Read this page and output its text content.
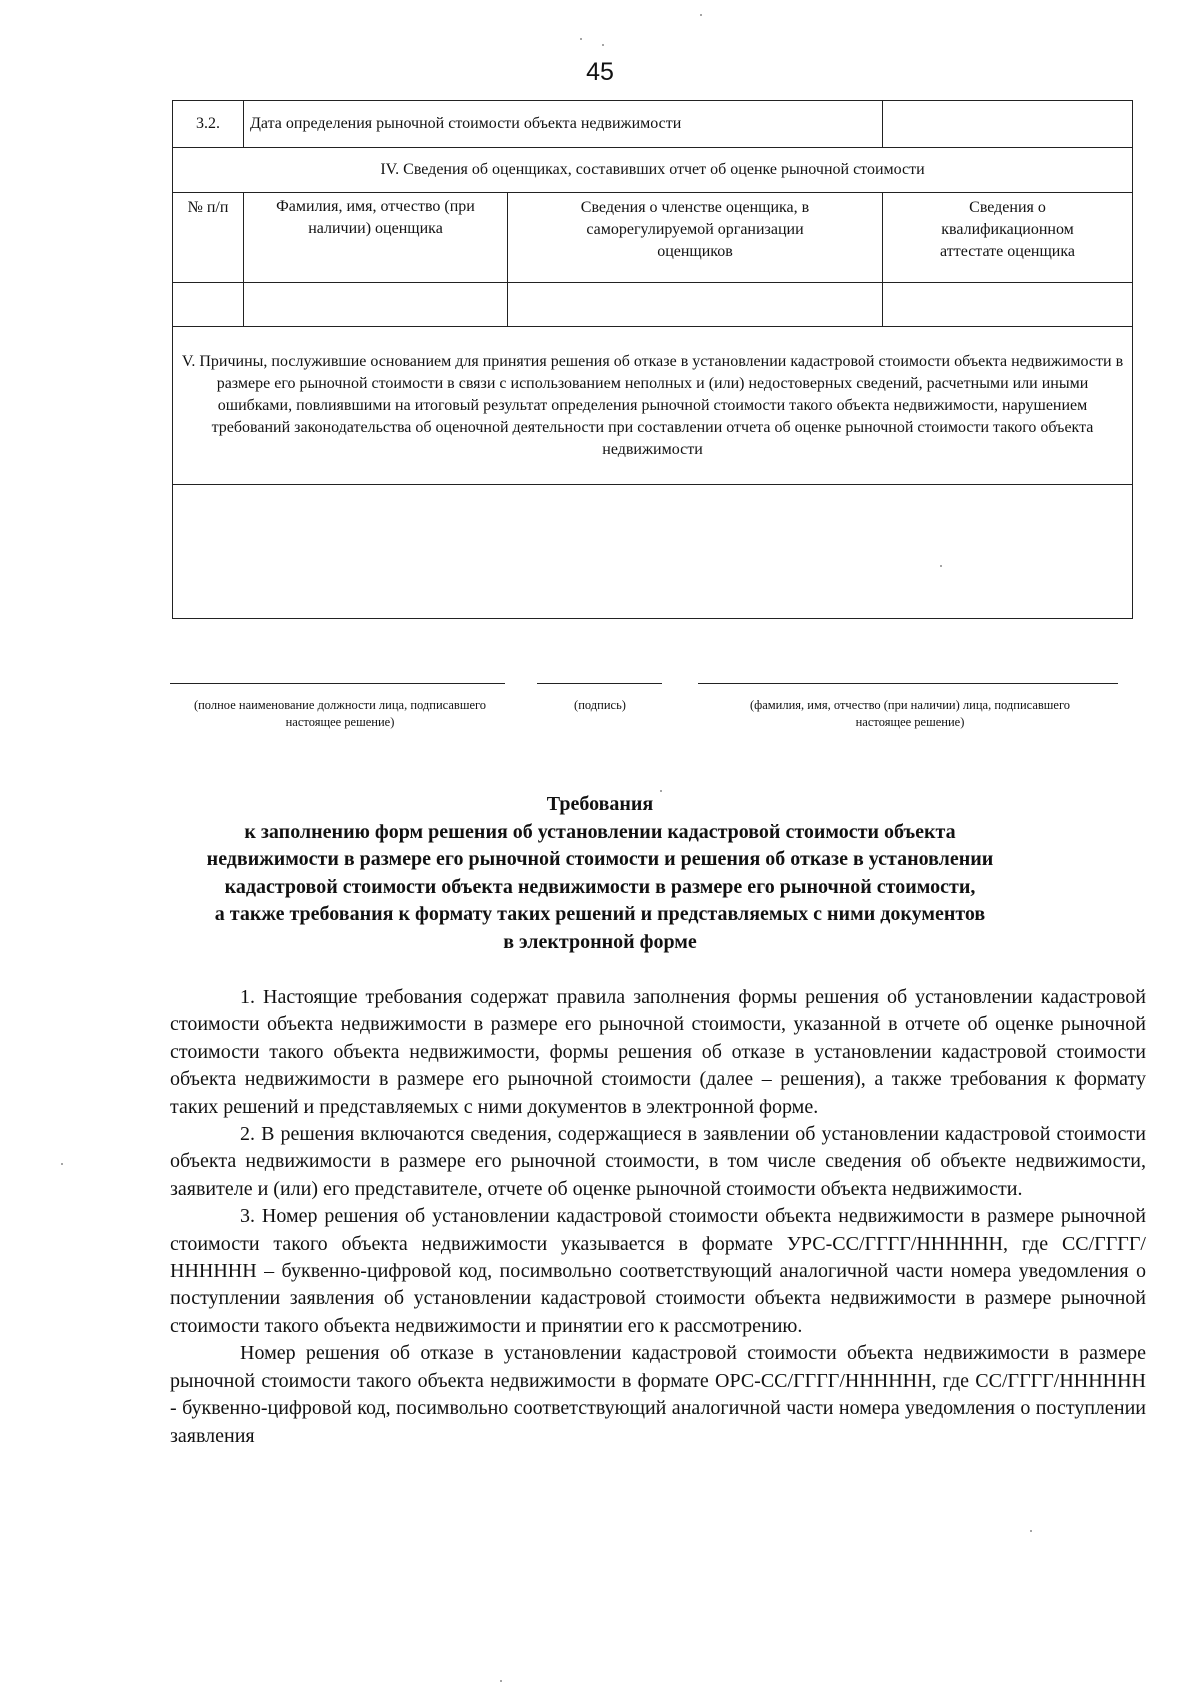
45
3.2.	Дата определения рыночной стоимости объекта недвижимости		
IV. Сведения об оценщиках, составивших отчет об оценке рыночной стоимости			
№ п/п	Фамилия, имя, отчество (при наличии) оценщика	Сведения о членстве оценщика, в саморегулируемой организации оценщиков	Сведения о квалификационном аттестате оценщика

V. Причины, послужившие основанием для принятия решения об отказе в установлении кадастровой стоимости объекта недвижимости в размере его рыночной стоимости в связи с использованием неполных и (или) недостоверных сведений, расчетными или иными ошибками, повлиявшими на итоговый результат определения рыночной стоимости такого объекта недвижимости, нарушением требований законодательства об оценочной деятельности при составлении отчета об оценке рыночной стоимости такого объекта недвижимости			

(полное наименование должности лица, подписавшего настоящее решение)
(подпись)	(фамилия, имя, отчество (при наличии) лица, подписавшего настоящее решение)
Требования
к заполнению форм решения об установлении кадастровой стоимости объекта
недвижимости в размере его рыночной стоимости и решения об отказе в установлении
кадастровой стоимости объекта недвижимости в размере его рыночной стоимости,
а также требования к формату таких решений и представляемых с ними документов
в электронной форме

1. Настоящие требования содержат правила заполнения формы решения об установлении кадастровой стоимости объекта недвижимости в размере его рыночной стоимости, указанной в отчете об оценке рыночной стоимости такого объекта недвижимости, формы решения об отказе в установлении кадастровой стоимости объекта недвижимости в размере его рыночной стоимости (далее – решения), а также требования к формату таких решений и представляемых с ними документов в электронной форме.

2. В решения включаются сведения, содержащиеся в заявлении об установлении кадастровой стоимости объекта недвижимости в размере его рыночной стоимости, в том числе сведения об объекте недвижимости, заявителе и (или) его представителе, отчете об оценке рыночной стоимости объекта недвижимости.

3. Номер решения об установлении кадастровой стоимости объекта недвижимости в размере рыночной стоимости такого объекта недвижимости указывается в формате УРС-СС/ГГГГ/НННННН, где СС/ГГГГ/НННННН – буквенно-цифровой код, посимвольно соответствующий аналогичной части номера уведомления о поступлении заявления об установлении кадастровой стоимости объекта недвижимости в размере рыночной стоимости такого объекта недвижимости и принятии его к рассмотрению.

Номер решения об отказе в установлении кадастровой стоимости объекта недвижимости в размере рыночной стоимости такого объекта недвижимости в формате ОРС-СС/ГГГГ/НННННН, где СС/ГГГГ/НННННН - буквенно-цифровой код, посимвольно соответствующий аналогичной части номера уведомления о поступлении заявления
